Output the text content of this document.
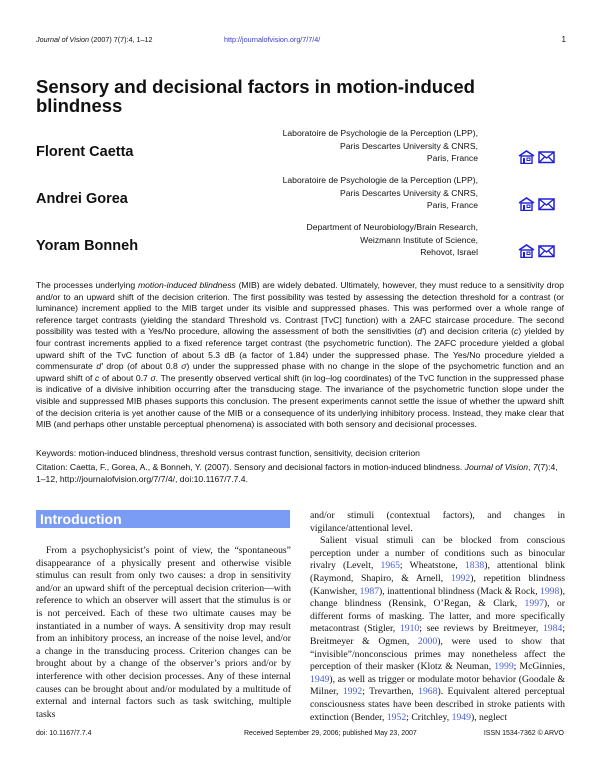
Journal of Vision (2007) 7(7):4, 1–12	http://journalofvision.org/7/7/4/	1
Sensory and decisional factors in motion-induced blindness
Florent Caetta
Laboratoire de Psychologie de la Perception (LPP),
Paris Descartes University & CNRS,
Paris, France
Andrei Gorea
Laboratoire de Psychologie de la Perception (LPP),
Paris Descartes University & CNRS,
Paris, France
Yoram Bonneh
Department of Neurobiology/Brain Research,
Weizmann Institute of Science,
Rehovot, Israel
The processes underlying motion-induced blindness (MIB) are widely debated. Ultimately, however, they must reduce to a sensitivity drop and/or to an upward shift of the decision criterion. The first possibility was tested by assessing the detection threshold for a contrast (or luminance) increment applied to the MIB target under its visible and suppressed phases. This was performed over a whole range of reference target contrasts (yielding the standard Threshold vs. Contrast [TvC] function) with a 2AFC staircase procedure. The second possibility was tested with a Yes/No procedure, allowing the assessment of both the sensitivities (d′) and decision criteria (c) yielded by four contrast increments applied to a fixed reference target contrast (the psychometric function). The 2AFC procedure yielded a global upward shift of the TvC function of about 5.3 dB (a factor of 1.84) under the suppressed phase. The Yes/No procedure yielded a commensurate d′ drop (of about 0.8 σ) under the suppressed phase with no change in the slope of the psychometric function and an upward shift of c of about 0.7 σ. The presently observed vertical shift (in log–log coordinates) of the TvC function in the suppressed phase is indicative of a divisive inhibition occurring after the transducing stage. The invariance of the psychometric function slope under the visible and suppressed MIB phases supports this conclusion. The present experiments cannot settle the issue of whether the upward shift of the decision criteria is yet another cause of the MIB or a consequence of its underlying inhibitory process. Instead, they make clear that MIB (and perhaps other unstable perceptual phenomena) is associated with both sensory and decisional processes.
Keywords: motion-induced blindness, threshold versus contrast function, sensitivity, decision criterion
Citation: Caetta, F., Gorea, A., & Bonneh, Y. (2007). Sensory and decisional factors in motion-induced blindness. Journal of Vision, 7(7):4, 1–12, http://journalofvision.org/7/7/4/, doi:10.1167/7.7.4.
Introduction

From a psychophysicist’s point of view, the “spontaneous” disappearance of a physically present and otherwise visible stimulus can result from only two causes: a drop in sensitivity and/or an upward shift of the perceptual decision criterion—with reference to which an observer will assert that the stimulus is or is not perceived. Each of these two ultimate causes may be instantiated in a number of ways. A sensitivity drop may result from an inhibitory process, an increase of the noise level, and/or a change in the transducing process. Criterion changes can be brought about by a change of the observer’s priors and/or by interference with other decision processes. Any of these internal causes can be brought about and/or modulated by a multitude of external and internal factors such as task switching, multiple tasks

and/or stimuli (contextual factors), and changes in vigilance/attentional level.

Salient visual stimuli can be blocked from conscious perception under a number of conditions such as binocular rivalry (Levelt, 1965; Wheatstone, 1838), attentional blink (Raymond, Shapiro, & Arnell, 1992), repetition blindness (Kanwisher, 1987), inattentional blindness (Mack & Rock, 1998), change blindness (Rensink, O’Regan, & Clark, 1997), or different forms of masking. The latter, and more specifically metacontrast (Stigler, 1910; see reviews by Breitmeyer, 1984; Breitmeyer & Ogmen, 2000), were used to show that “invisible”/nonconscious primes may nonetheless affect the perception of their masker (Klotz & Neuman, 1999; McGinnies, 1949), as well as trigger or modulate motor behavior (Goodale & Milner, 1992; Trevarthen, 1968). Equivalent altered perceptual consciousness states have been described in stroke patients with extinction (Bender, 1952; Critchley, 1949), neglect

doi: 10.1167/7.7.4	Received September 29, 2006; published May 23, 2007	ISSN 1534-7362 © ARVO
